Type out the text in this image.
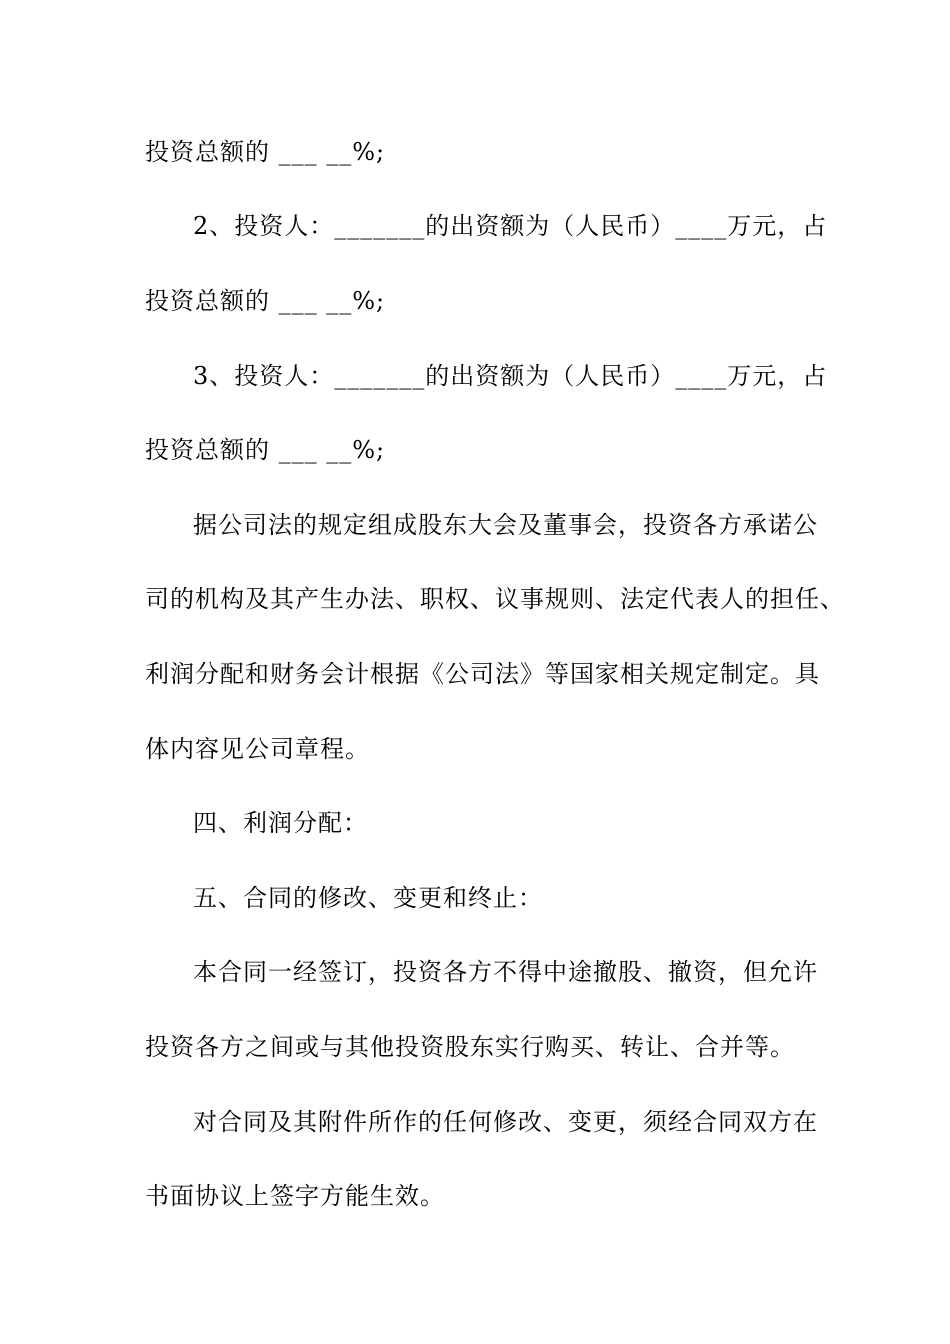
投资总额的 ___ __%;
2、投资人：_______的出资额为（人民币）____万元，占
投资总额的 ___ __%;
3、投资人：_______的出资额为（人民币）____万元，占
投资总额的 ___ __%;
据公司法的规定组成股东大会及董事会，投资各方承诺公
司的机构及其产生办法、职权、议事规则、法定代表人的担任、
利润分配和财务会计根据《公司法》等国家相关规定制定。具
体内容见公司章程。
四、利润分配：
五、合同的修改、变更和终止：
本合同一经签订，投资各方不得中途撤股、撤资，但允许
投资各方之间或与其他投资股东实行购买、转让、合并等。
对合同及其附件所作的任何修改、变更，须经合同双方在
书面协议上签字方能生效。
